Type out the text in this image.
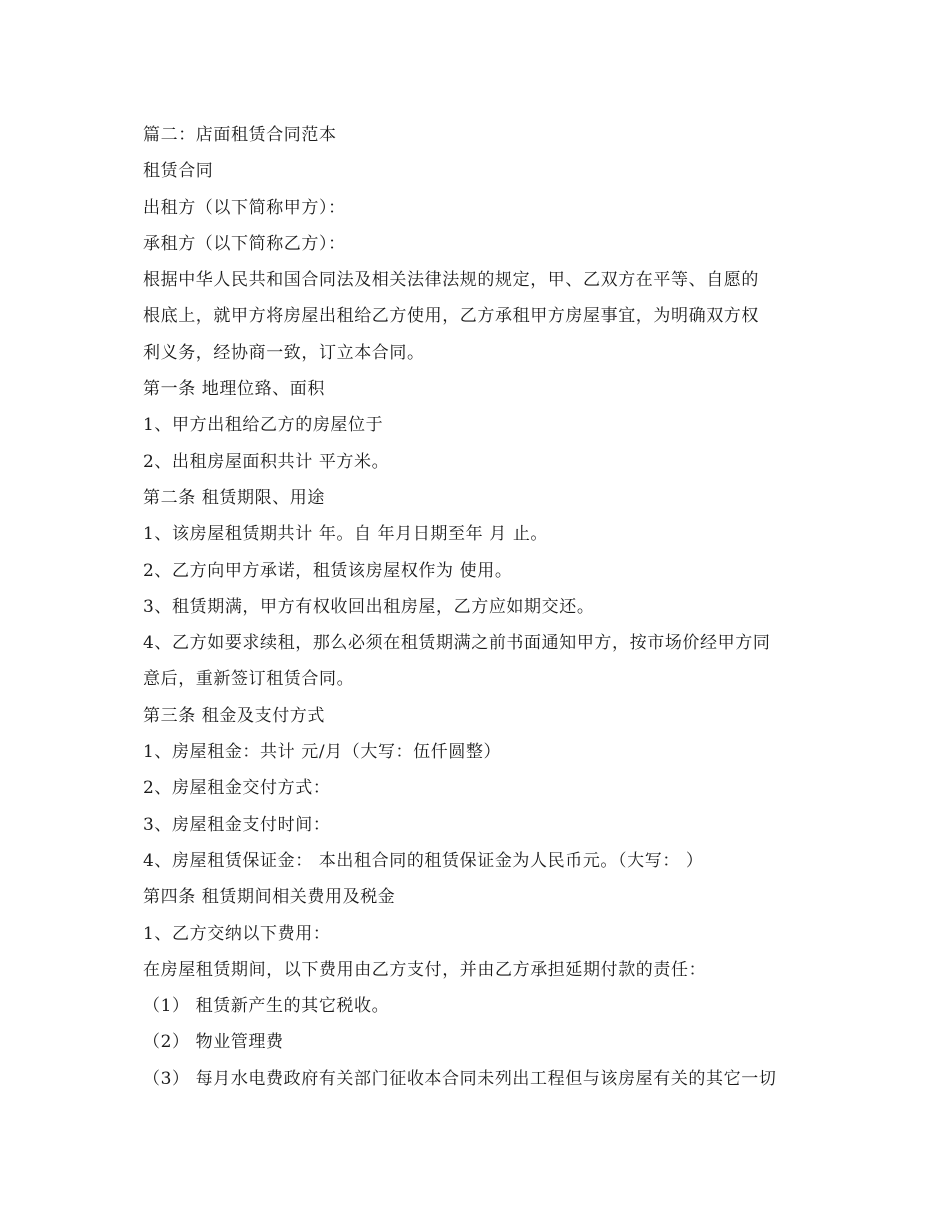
篇二：店面租赁合同范本
租赁合同
出租方（以下简称甲方）：
承租方（以下简称乙方）：
根据中华人民共和国合同法及相关法律法规的规定，甲、乙双方在平等、自愿的
根底上，就甲方将房屋出租给乙方使用，乙方承租甲方房屋事宜，为明确双方权
利义务，经协商一致，订立本合同。
第一条 地理位臵、面积
1、甲方出租给乙方的房屋位于
2、出租房屋面积共计 平方米。
第二条 租赁期限、用途
1、该房屋租赁期共计 年。自 年月日期至年 月 止。
2、乙方向甲方承诺，租赁该房屋权作为 使用。
3、租赁期满，甲方有权收回出租房屋，乙方应如期交还。
4、乙方如要求续租，那么必须在租赁期满之前书面通知甲方，按市场价经甲方同
意后，重新签订租赁合同。
第三条 租金及支付方式
1、房屋租金：共计 元/月（大写：伍仟圆整）
2、房屋租金交付方式：
3、房屋租金支付时间：
4、房屋租赁保证金： 本出租合同的租赁保证金为人民币元。（大写： ）
第四条 租赁期间相关费用及税金
1、乙方交纳以下费用：
在房屋租赁期间，以下费用由乙方支付，并由乙方承担延期付款的责任：
（1） 租赁新产生的其它税收。
（2） 物业管理费
（3） 每月水电费政府有关部门征收本合同未列出工程但与该房屋有关的其它一切
